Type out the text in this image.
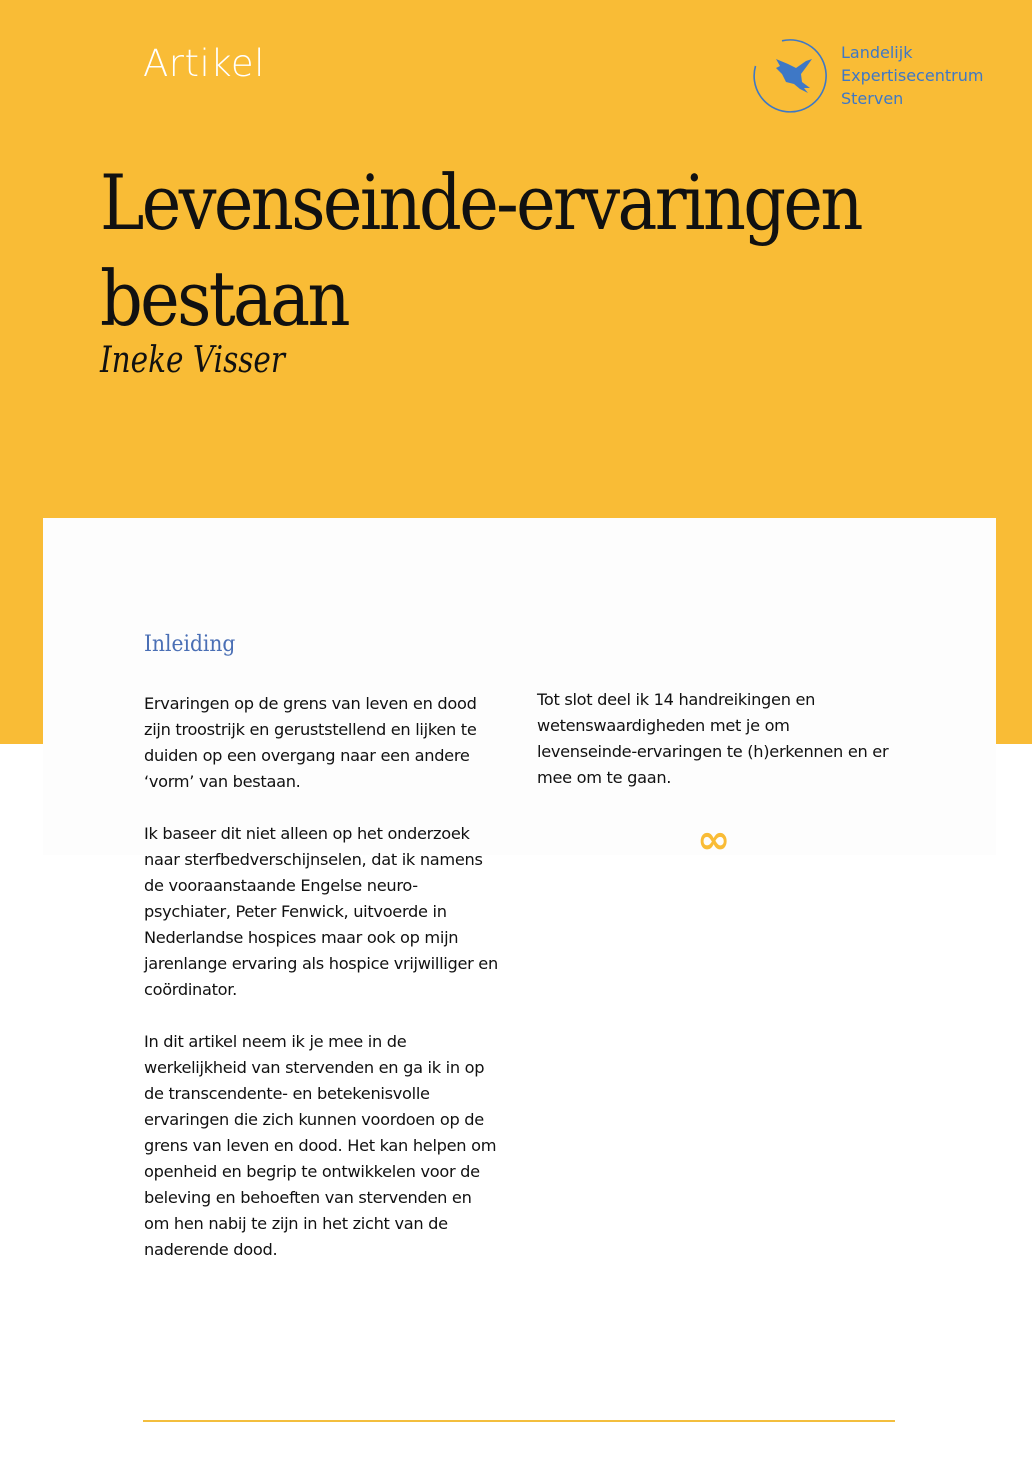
Artikel	Landelijk
Expertisecentrum
Sterven
Levenseinde-ervaringen
bestaan

Ineke Visser

Inleiding

Ervaringen op de grens van leven en dood
zijn troostrijk en geruststellend en lijken te
duiden op een overgang naar een andere
‘vorm’ van bestaan.

Ik baseer dit niet alleen op het onderzoek
naar sterfbedverschijnselen, dat ik namens
de vooraanstaande Engelse neuro-
psychiater, Peter Fenwick, uitvoerde in
Nederlandse hospices maar ook op mijn
jarenlange ervaring als hospice vrijwilliger en
coördinator.

In dit artikel neem ik je mee in de
werkelijkheid van stervenden en ga ik in op
de transcendente- en betekenisvolle
ervaringen die zich kunnen voordoen op de
grens van leven en dood. Het kan helpen om
openheid en begrip te ontwikkelen voor de
beleving en behoeften van stervenden en
om hen nabij te zijn in het zicht van de
naderende dood.

Tot slot deel ik 14 handreikingen en
wetenswaardigheden met je om
levenseinde-ervaringen te (h)erkennen en er
mee om te gaan.

∞
